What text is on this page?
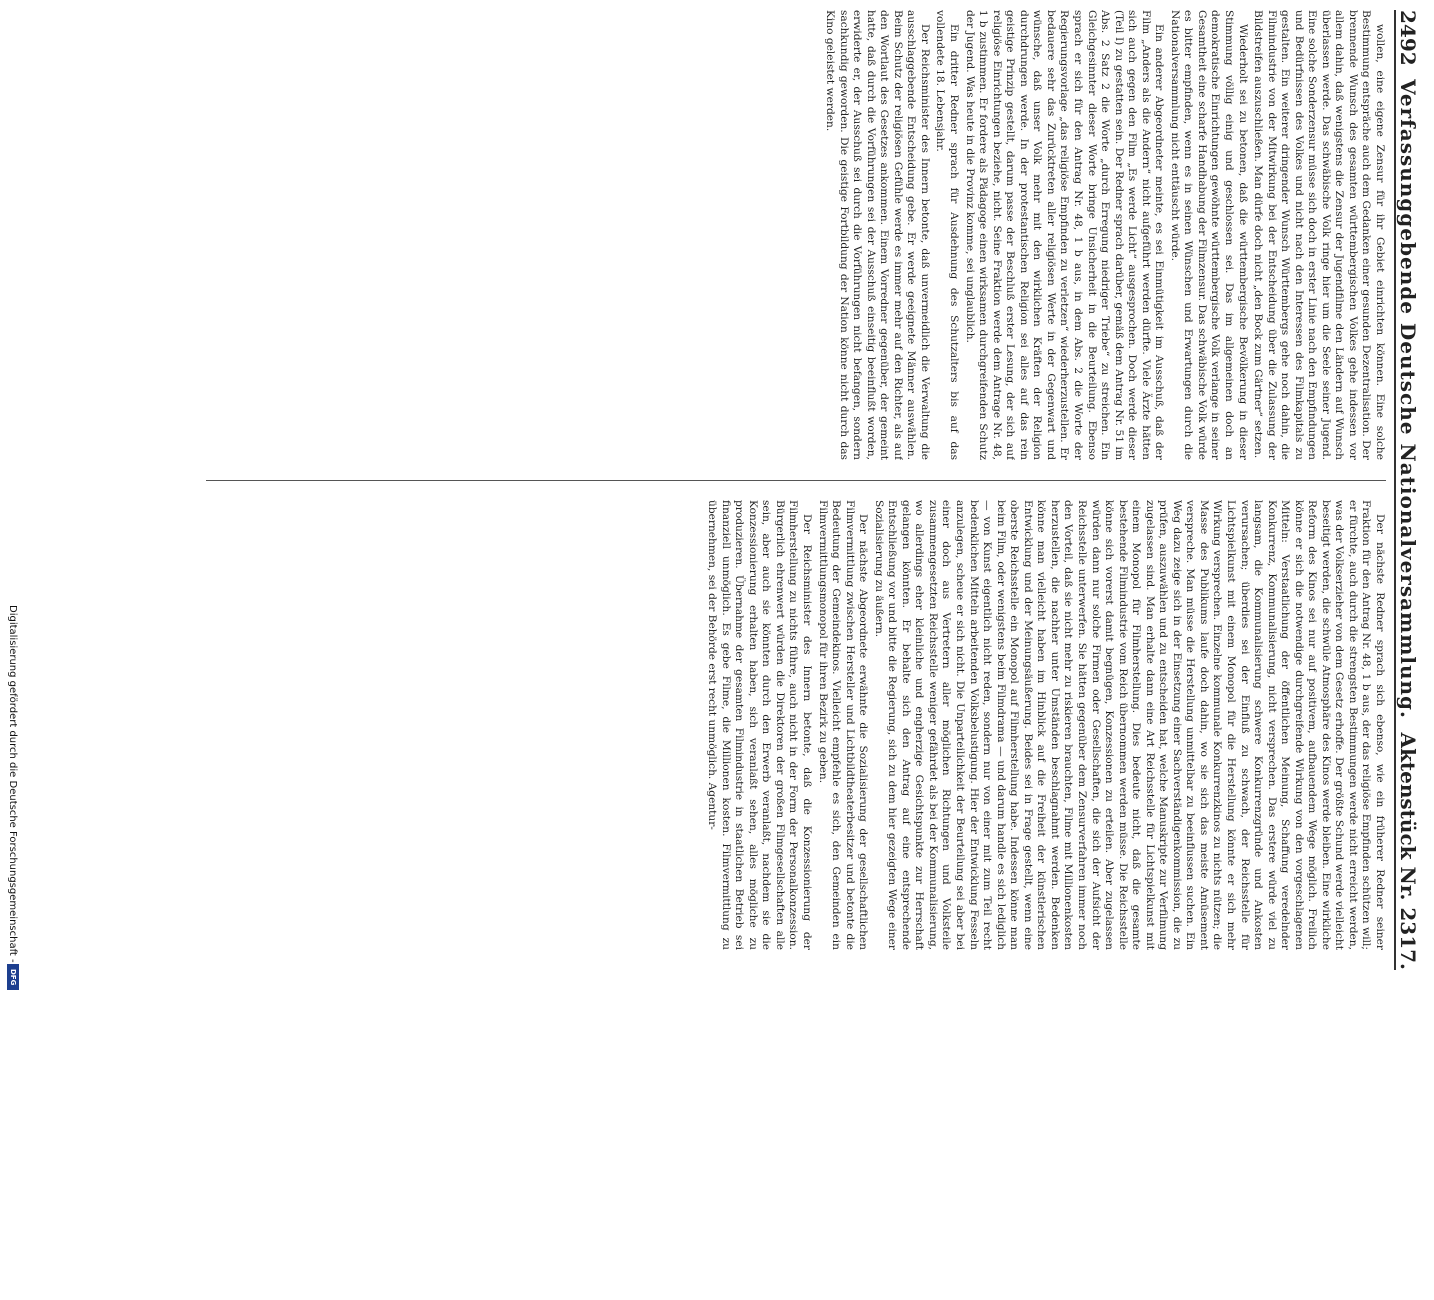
Digitalisierung gefördert durch die Deutsche Forschungsgemeinschaft -
DFG
2492
Verfassunggebende Deutsche Nationalversammlung.
Aktenstück Nr. 2317.

wollen, eine eigene Zensur für ihr Gebiet einrichten können. Eine solche Bestimmung entspräche auch dem Gedanken einer gesunden Dezentralisation. Der brennende Wunsch des gesamten württembergischen Volkes gehe indessen vor allem dahin, daß wenigstens die Zensur der Jugendfilme den Ländern auf Wunsch überlassen werde. Das schwäbische Volk ringe hier um die Seele seiner Jugend. Eine solche Sonderzensur müsse sich doch in erster Linie nach den Empfindungen und Bedürfnissen des Volkes und nicht nach den Interessen des Filmkapitals zu gestalten. Ein weiterer dringender Wunsch Württembergs gehe noch dahin, die Filmindustrie von der Mitwirkung bei der Entscheidung über die Zulassung der Bildstreifen auszuschließen. Man dürfe doch nicht „den Bock zum Gärtner“ setzen.

Wiederholt sei zu betonen, daß die württembergische Bevölkerung in dieser Stimmung völlig einig und geschlossen sei. Das im allgemeinen doch an demokratische Einrichtungen gewöhnte württembergische Volk verlange in seiner Gesamtheit eine scharfe Handhabung der Filmzensur. Das schwäbische Volk würde es bitter empfinden, wenn es in seinen Wünschen und Erwartungen durch die Nationalversammlung nicht enttäuscht würde.

Ein anderer Abgeordneter meinte, es sei Einmütigkeit im Ausschuß, daß der Film „Anders als die Andern“ nicht aufgeführt werden dürfte. Viele Ärzte hätten sich auch gegen den Film „Es werde Licht“ ausgesprochen. Doch werde dieser (Teil I) zu gestatten sein. Der Redner sprach darüber, gemäß dem Antrag Nr. 51 im Abs. 2 Satz 2 die Worte „durch Erregung niedriger Triebe“ zu streichen. Ein Gleichgesinnter dieser Worte bringe Unsicherheit in die Beurteilung. Ebenso sprach er sich für den Antrag Nr. 48, 1 b aus, in dem Abs. 2 die Worte der Regierungsvorlage „das religiöse Empfinden zu verletzen“ wiederherzustellen. Er bedauere sehr das Zurücktreten aller religiösen Werte in der Gegenwart und wünsche, daß unser Volk mehr mit den wirklichen Kräften der Religion durchdrungen werde. In der protestantischen Religion sei alles auf das rein geistige Prinzip gestellt, darum passe der Beschluß erster Lesung, der sich auf religiöse Einrichtungen beziehe, nicht. Seine Fraktion werde dem Antrage Nr. 48, 1 b zustimmen. Er fordere als Pädagoge einen wirksamen durchgreifenden Schutz der Jugend. Was heute in die Provinz komme, sei unglaublich.

Ein dritter Redner sprach für Ausdehnung des Schutzalters bis auf das vollendete 18. Lebensjahr.

Der Reichsminister des Innern betonte, daß unvermeidlich die Verwaltung die ausschlaggebende Entscheidung gebe. Er werde geeignete Männer auswählen. Beim Schutz der religiösen Gefühle werde es immer mehr auf den Richter, als auf den Wortlaut des Gesetzes ankommen. Einem Vorredner gegenüber, der gemeint hatte, daß durch die Vorführungen sei der Ausschuß einseitig beeinflußt worden, erwiderte er, der Ausschuß sei durch die Vorführungen nicht befangen, sondern sachkundig geworden. Die geistige Fortbildung der Nation könne nicht durch das Kino geleistet werden.

Der nächste Redner sprach sich ebenso, wie ein früherer Redner seiner Fraktion für den Antrag Nr. 48, 1 b aus, der das religiöse Empfinden schützen will; er fürchte, auch durch die strengsten Bestimmungen werde nicht erreicht werden, was der Volkserzieher von dem Gesetz erhoffe. Der größte Schund werde vielleicht beseitigt werden, die schwüle Atmosphäre des Kinos werde bleiben. Eine wirkliche Reform des Kinos sei nur auf positivem, aufbauendem Wege möglich. Freilich könne er sich die notwendige durchgreifende Wirkung von den vorgeschlagenen Mitteln: Verstaatlichung der öffentlichen Meinung, Schaffung veredelnder Konkurrenz, Kommunalisierung, nicht versprechen. Das erstere würde viel zu langsam, die Kommunalisierung schwere Konkurrenzgründe und Ankosten verursachen; überdies sei der Einfluß zu schwach, der Reichsstelle für Lichtspielkunst mit einem Monopol für die Herstellung könnte er sich mehr Wirkung versprechen. Einzelne kommunale Konkurrenzkinos zu nichts nützen; die Masse des Publikums laufe doch dahin, wo sie sich das meiste Amüsement verspreche. Man müsse die Herstellung unmittelbar zu beeinflussen suchen. Ein Weg dazu zeige sich in der Einsetzung einer Sachverständigenkommission, die zu prüfen, auszuwählen und zu entscheiden hat, welche Manuskripte zur Verfilmung zugelassen sind. Man erhalte dann eine Art Reichsstelle für Lichtspielkunst mit einem Monopol für Filmherstellung. Dies bedeute nicht, daß die gesamte bestehende Filmindustrie vom Reich übernommen werden müsse. Die Reichsstelle könne sich vorerst damit begnügen, Konzessionen zu erteilen. Aber zugelassen würden dann nur solche Firmen oder Gesellschaften, die sich der Aufsicht der Reichsstelle unterwerfen. Sie hätten gegenüber dem Zensurverfahren immer noch den Vorteil, daß sie nicht mehr zu riskieren brauchten, Filme mit Millionenkosten herzustellen, die nachher unter Umständen beschlagnahmt werden. Bedenken könne man vielleicht haben im Hinblick auf die Freiheit der künstlerischen Entwicklung und der Meinungsäußerung. Beides sei in Frage gestellt, wenn eine oberste Reichsstelle ein Monopol auf Filmherstellung habe. Indessen könne man beim Film, oder wenigstens beim Filmdrama — und darum handle es sich lediglich — von Kunst eigentlich nicht reden, sondern nur von einer mit zum Teil recht bedenklichen Mitteln arbeitenden Volksbelustigung. Hier der Entwicklung Fesseln anzulegen, scheue er sich nicht. Die Unparteilichkeit der Beurteilung sei aber bei einer doch aus Vertretern aller möglichen Richtungen und Volksteile zusammengesetzten Reichsstelle weniger gefährdet als bei der Kommunalisierung, wo allerdings eher kleinliche und engherzige Gesichtspunkte zur Herrschaft gelangen könnten. Er behalte sich den Antrag auf eine entsprechende Entschließung vor und bitte die Regierung, sich zu dem hier gezeigten Wege einer Sozialisierung zu äußern.

Der nächste Abgeordnete erwähnte die Sozialisierung der gesellschaftlichen Filmvermittlung zwischen Hersteller und Lichtbildtheaterbesitzer und betonte die Bedeutung der Gemeindekinos. Vielleicht empfehle es sich, den Gemeinden ein Filmvermittlungsmonopol für ihren Bezirk zu geben.

Der Reichsminister des Innern betonte, daß die Konzessionierung der Filmherstellung zu nichts führe, auch nicht in der Form der Personalkonzession. Bürgerlich ehrenwert würden die Direktoren der großen Filmgesellschaften alle sein, aber auch sie könnten durch den Erwerb veranlaßt, nachdem sie die Konzessionierung erhalten haben, sich veranlaßt sehen, alles mögliche zu produzieren. Übernahme der gesamten Filmindustrie in staatlichen Betrieb sei finanziell unmöglich. Es gebe Filme, die Millionen kosten. Filmvermittlung zu übernehmen, sei der Behörde erst recht unmöglich. Agentur-
